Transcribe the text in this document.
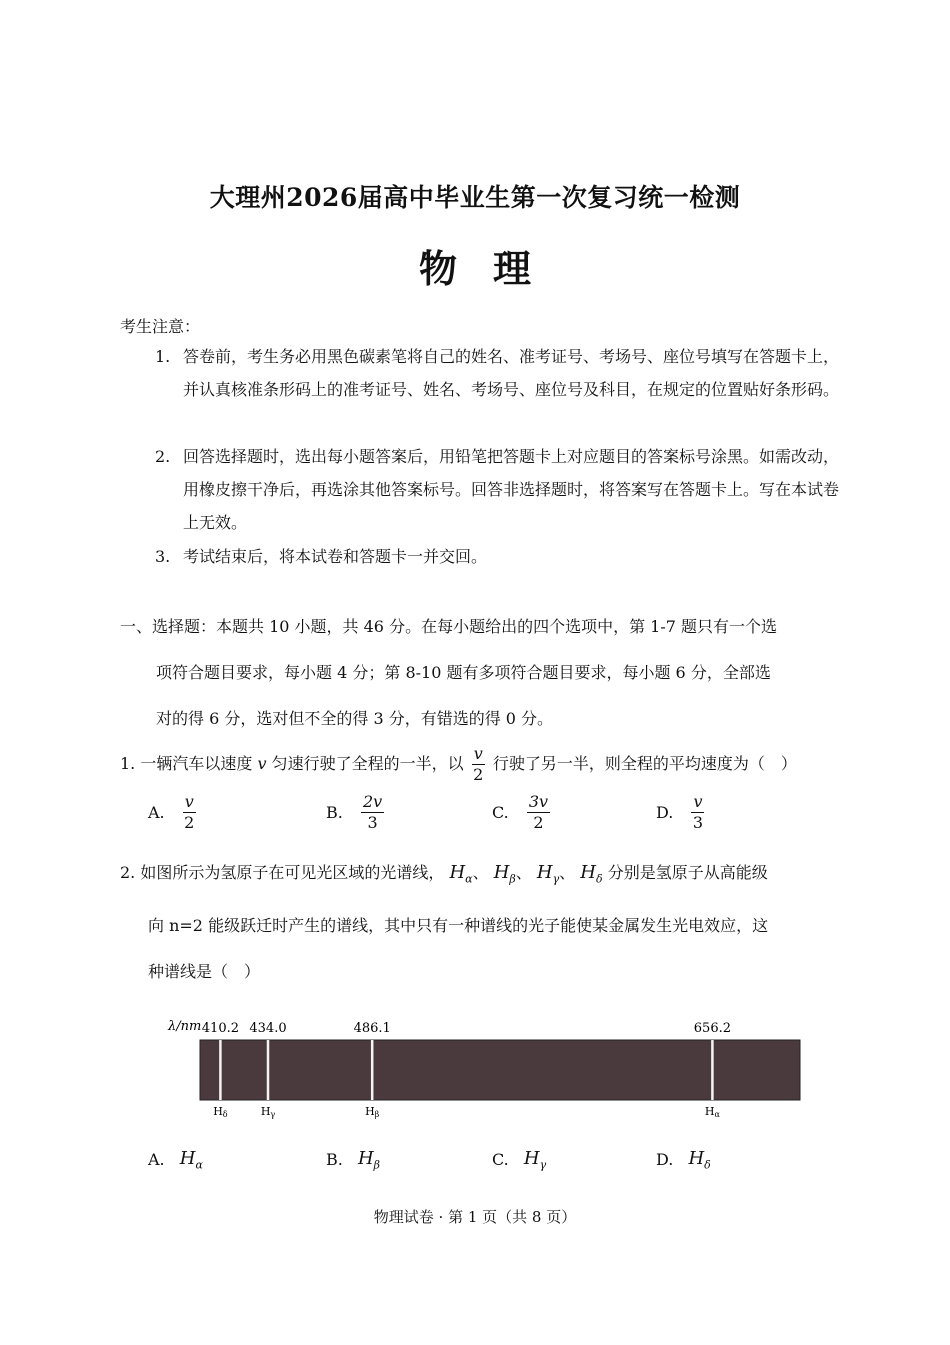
大理州2026届高中毕业生第一次复习统一检测
物理
考生注意：
1. 答卷前，考生务必用黑色碳素笔将自己的姓名、准考证号、考场号、座位号填写在答题卡上，并认真核准条形码上的准考证号、姓名、考场号、座位号及科目，在规定的位置贴好条形码。
2. 回答选择题时，选出每小题答案后，用铅笔把答题卡上对应题目的答案标号涂黑。如需改动，用橡皮擦干净后，再选涂其他答案标号。回答非选择题时，将答案写在答题卡上。写在本试卷上无效。
3. 考试结束后，将本试卷和答题卡一并交回。
一、选择题：本题共 10 小题，共 46 分。在每小题给出的四个选项中，第 1-7 题只有一个选
项符合题目要求，每小题 4 分；第 8-10 题有多项符合题目要求，每小题 6 分，全部选
对的得 6 分，选对但不全的得 3 分，有错选的得 0 分。
1. 一辆汽车以速度 v 匀速行驶了全程的一半，以 $\frac{v}{2}$ 行驶了另一半，则全程的平均速度为（　）
A. $\frac{v}{2}$	B. $\frac{2v}{3}$	C. $\frac{3v}{2}$	D. $\frac{v}{3}$
2. 如图所示为氢原子在可见光区域的光谱线， $H_\alpha$、 $H_\beta$、 $H_\gamma$、 $H_\delta$ 分别是氢原子从高能级
向 n=2 能级跃迁时产生的谱线，其中只有一种谱线的光子能使某金属发生光电效应，这
种谱线是（　）
λ/nm 410.2
Hδ
434.0
Hγ
486.1
Hβ
656.2
Hα
A. $H_\alpha$	B. $H_\beta$	C. $H_\gamma$	D. $H_\delta$
物理试卷 · 第 1 页（共 8 页）
